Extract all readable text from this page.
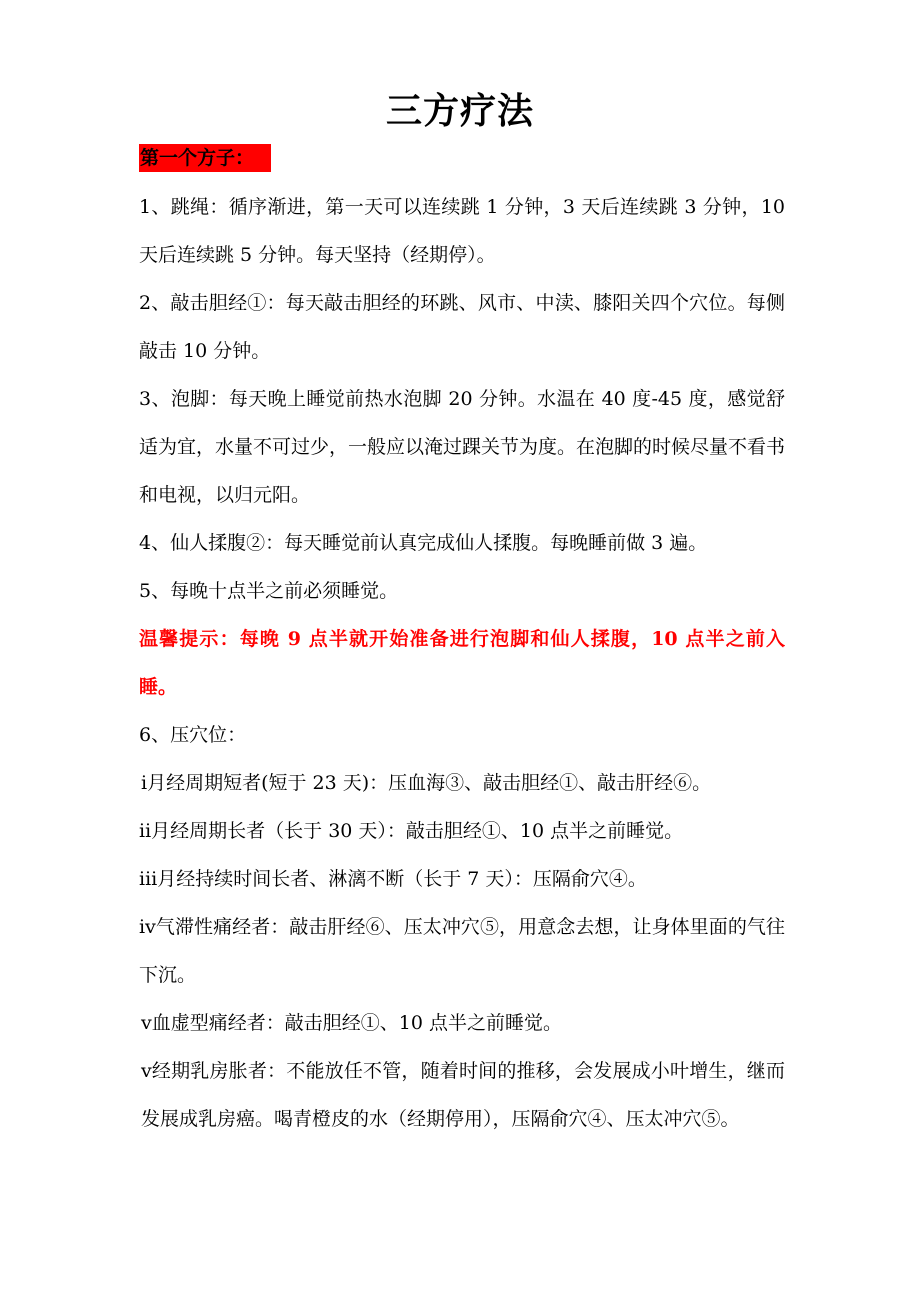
三方疗法
第一个方子：

1、跳绳：循序渐进，第一天可以连续跳 1 分钟，3 天后连续跳 3 分钟，10 天后连续跳 5 分钟。每天坚持（经期停）。

2、敲击胆经①：每天敲击胆经的环跳、风市、中渎、膝阳关四个穴位。每侧敲击 10 分钟。

3、泡脚：每天晚上睡觉前热水泡脚 20 分钟。水温在 40 度-45 度，感觉舒适为宜，水量不可过少，一般应以淹过踝关节为度。在泡脚的时候尽量不看书和电视，以归元阳。

4、仙人揉腹②：每天睡觉前认真完成仙人揉腹。每晚睡前做 3 遍。

5、每晚十点半之前必须睡觉。

温馨提示：每晚 9 点半就开始准备进行泡脚和仙人揉腹，10 点半之前入睡。

6、压穴位：

ⅰ月经周期短者(短于 23 天)：压血海③、敲击胆经①、敲击肝经⑥。

ⅱ月经周期长者（长于 30 天）：敲击胆经①、10 点半之前睡觉。

ⅲ月经持续时间长者、淋漓不断（长于 7 天）：压隔俞穴④。

ⅳ气滞性痛经者：敲击肝经⑥、压太冲穴⑤，用意念去想，让身体里面的气往下沉。

ⅴ血虚型痛经者：敲击胆经①、10 点半之前睡觉。

ⅴ经期乳房胀者：不能放任不管，随着时间的推移，会发展成小叶增生，继而发展成乳房癌。喝青橙皮的水（经期停用），压隔俞穴④、压太冲穴⑤。
